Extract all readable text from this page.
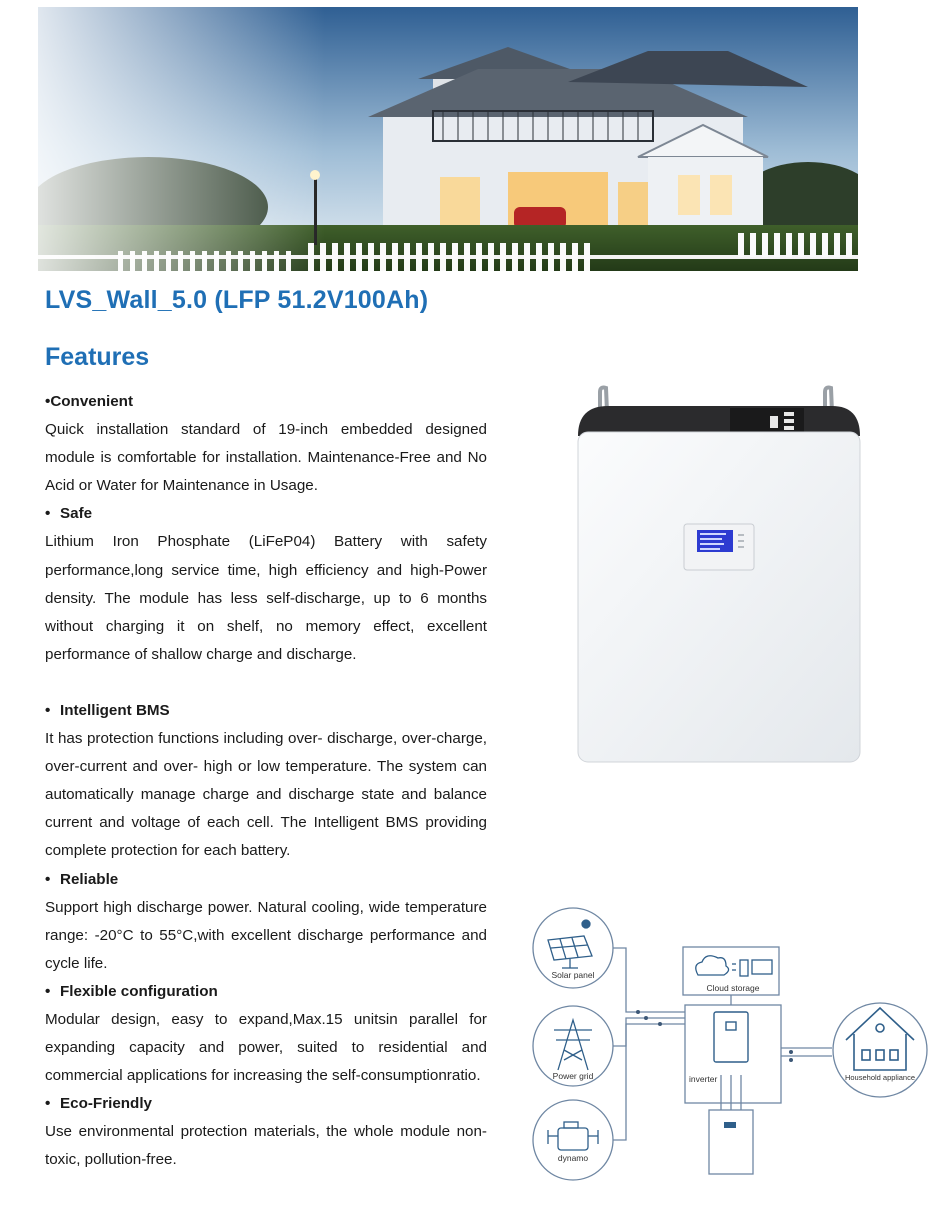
LVS_Wall_5.0 (LFP 51.2V100Ah)
Features
•Convenient
Quick installation standard of 19-inch embedded designed module is comfortable for installation. Maintenance-Free and No Acid or Water for Maintenance in Usage.
• Safe
Lithium Iron Phosphate (LiFeP04) Battery with safety performance,long service time, high efficiency and high-Power density. The module has less self-discharge, up to 6 months without charging it on shelf, no memory effect, excellent performance of shallow charge and discharge.
• Intelligent BMS
It has protection functions including over- discharge, over-charge, over-current and over- high or low temperature. The system can automatically manage charge and discharge state and balance current and voltage of each cell. The Intelligent BMS providing complete protection for each battery.
• Reliable
Support high discharge power. Natural cooling, wide temperature range: -20°C to 55°C,with excellent discharge performance and cycle life.
• Flexible configuration
Modular design, easy to expand,Max.15 unitsin parallel for expanding capacity and power, suited to residential and commercial applications for increasing the self-consumptionratio.
• Eco-Friendly
Use environmental protection materials, the whole module non-toxic, pollution-free.
Solar panel
Power grid
dynamo
Cloud storage
inverter	Household appliance
